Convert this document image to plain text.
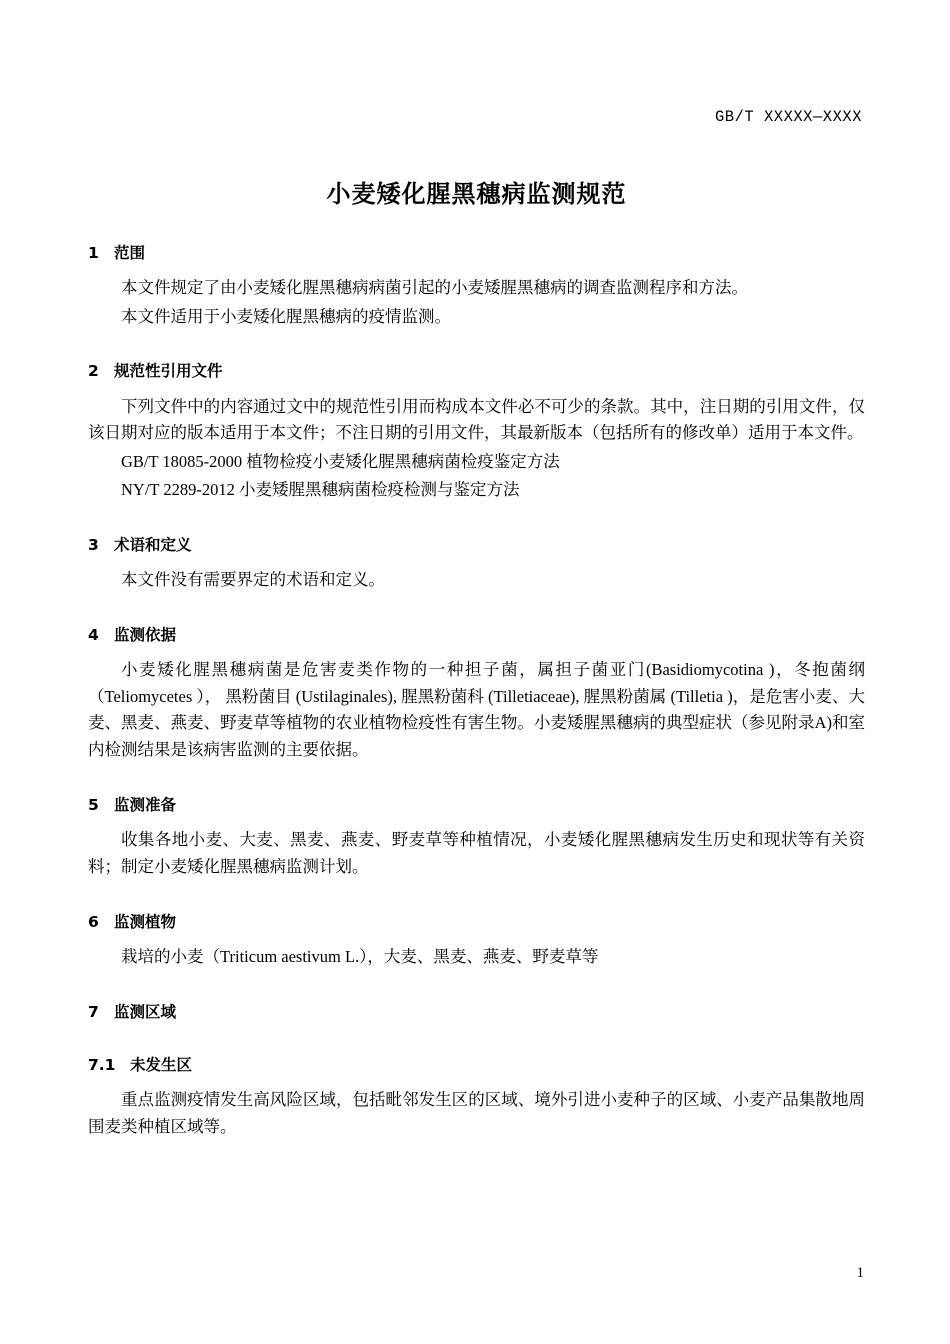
GB/T XXXXX—XXXX
小麦矮化腥黑穗病监测规范
1 范围

本文件规定了由小麦矮化腥黑穗病病菌引起的小麦矮腥黑穗病的调查监测程序和方法。

本文件适用于小麦矮化腥黑穗病的疫情监测。

2 规范性引用文件

下列文件中的内容通过文中的规范性引用而构成本文件必不可少的条款。其中，注日期的引用文件，仅该日期对应的版本适用于本文件；不注日期的引用文件，其最新版本（包括所有的修改单）适用于本文件。

GB/T 18085-2000 植物检疫小麦矮化腥黑穗病菌检疫鉴定方法

NY/T 2289-2012 小麦矮腥黑穗病菌检疫检测与鉴定方法

3 术语和定义

本文件没有需要界定的术语和定义。

4 监测依据

小麦矮化腥黑穗病菌是危害麦类作物的一种担子菌，属担子菌亚门(Basidiomycotina )，冬抱菌纲 （Teliomycetes ）， 黑粉菌目 (Ustilaginales), 腥黑粉菌科 (Tilletiaceae), 腥黑粉菌属 (Tilletia )，是危害小麦、大麦、黑麦、燕麦、野麦草等植物的农业植物检疫性有害生物。小麦矮腥黑穗病的典型症状（参见附录A)和室内检测结果是该病害监测的主要依据。

5 监测准备

收集各地小麦、大麦、黑麦、燕麦、野麦草等种植情况，小麦矮化腥黑穗病发生历史和现状等有关资料；制定小麦矮化腥黑穗病监测计划。

6 监测植物

栽培的小麦（Triticum aestivum L.），大麦、黑麦、燕麦、野麦草等

7 监测区域
7.1 未发生区

重点监测疫情发生高风险区域，包括毗邻发生区的区域、境外引进小麦种子的区域、小麦产品集散地周围麦类种植区域等。

1
